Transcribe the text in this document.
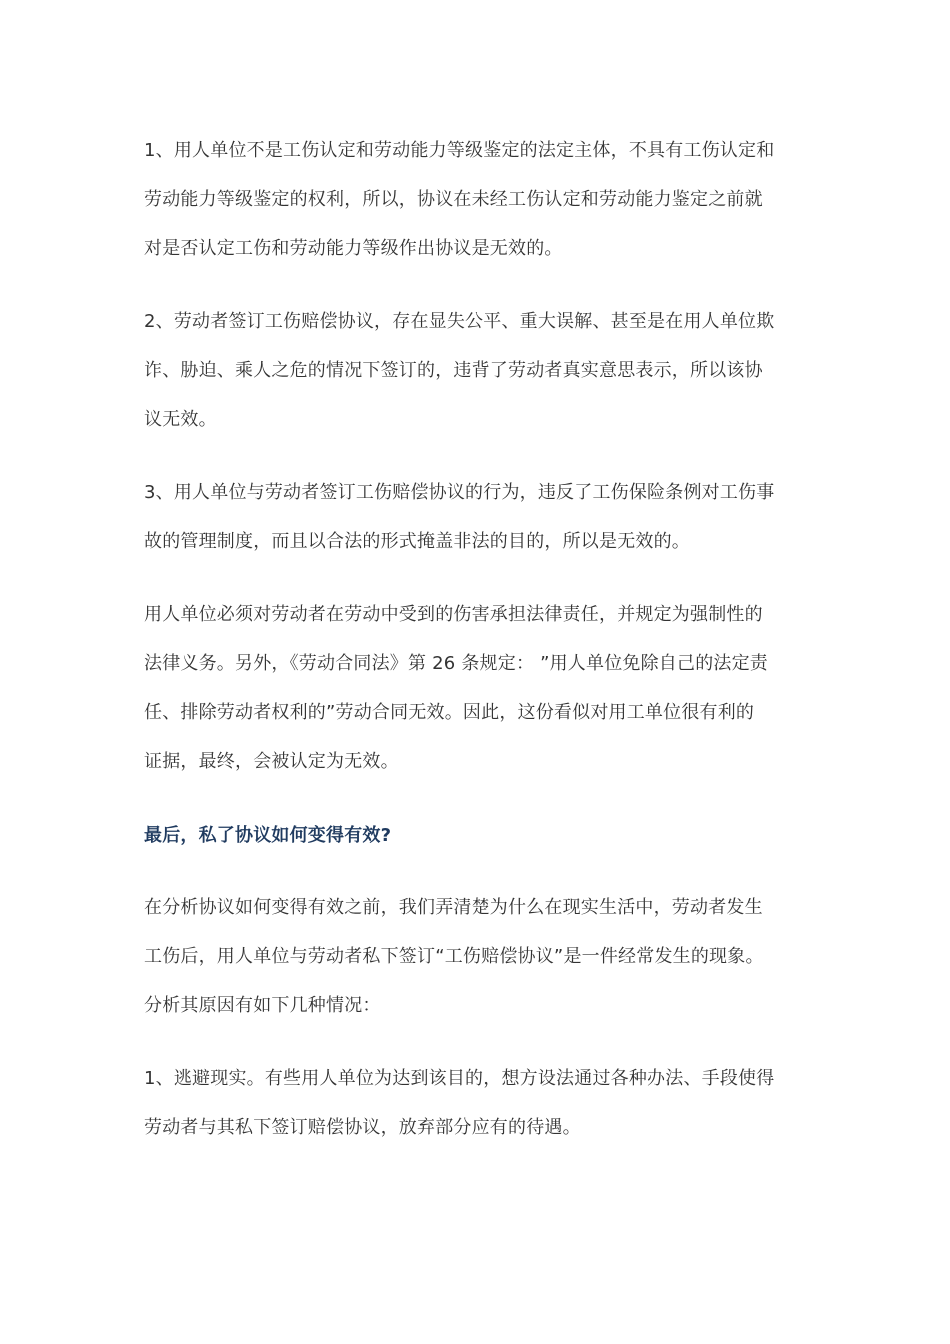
1、用人单位不是工伤认定和劳动能力等级鉴定的法定主体，不具有工伤认定和
劳动能力等级鉴定的权利，所以，协议在未经工伤认定和劳动能力鉴定之前就
对是否认定工伤和劳动能力等级作出协议是无效的。
2、劳动者签订工伤赔偿协议，存在显失公平、重大误解、甚至是在用人单位欺
诈、胁迫、乘人之危的情况下签订的，违背了劳动者真实意思表示，所以该协
议无效。
3、用人单位与劳动者签订工伤赔偿协议的行为，违反了工伤保险条例对工伤事
故的管理制度，而且以合法的形式掩盖非法的目的，所以是无效的。
用人单位必须对劳动者在劳动中受到的伤害承担法律责任，并规定为强制性的
法律义务。另外，《劳动合同法》第 26 条规定： ”用人单位免除自己的法定责
任、排除劳动者权利的”劳动合同无效。因此，这份看似对用工单位很有利的
证据，最终，会被认定为无效。
最后，私了协议如何变得有效?
在分析协议如何变得有效之前，我们弄清楚为什么在现实生活中，劳动者发生
工伤后，用人单位与劳动者私下签订“工伤赔偿协议”是一件经常发生的现象。
分析其原因有如下几种情况：
1、逃避现实。有些用人单位为达到该目的，想方设法通过各种办法、手段使得
劳动者与其私下签订赔偿协议，放弃部分应有的待遇。
